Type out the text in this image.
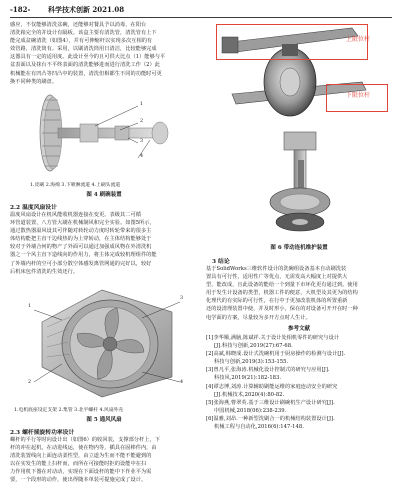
-182-	科学技术创新 2021.08
感应，不仅能够清洗盆碗，还能够对餐具予以消毒，在阳台
清洗箱完全的并设计有隔板。该盒主要有清洗管，清洗管有上下
能完成盆碗清洗（如图4），并有可伸缩杆以实现多次互相的有
效管路，清洗筒有。采用，以刷清洗筒用日清洁，比较能够完成
这器具有一定的适用度。此设计至今的且可供大比点（1）能够与平
盆表面以及抹台不平终表面的清洗能够进而进行清洗工作（2）此
机械能在有凹凸等凹凸中的装置，清洗但相都生不同的功能时可更
换不同种类的刷盘。
1
2
3
4
1.皮刷 2.海绵 3.下喷淋流道 4.上刷头流道
图 4 刷碗装置
2.2 温度风扇设计
温度风扇设计在机风能收机器连接在变更。表级其二可循
环管道装置，八方管大刷在机械制风和完全实验。如图5所示，
通过散热器温风设其可伴随对转轮动力度时转轮带来的很多主
体结构能把主直干边线热的为上穿转动，在主体结构能够处于
较对于外墙合何的物产了外面可以通过加强成风物在外清洗机
器之一个风主直下造线向的作用力，将主体完成较机理组件的能
了外墙内杆的空可小部分散空体感发离管网通的完好以，较好
后机床包件清洗的生效还行。
1
2
3
4
1.电机底座设定支架 2.集管 3.北平螺杆 4.风扇外壳
图 5 通风风扇
2.3 螺杆插旋转功率设计
螺杆的平行等时向设计出（如图6）的收回装，支撑部分杆上，下
杆的冲在起机，在动进线运，使在物内等，插具在固棒件内，由
清洗装置线向上面连动柔性型，由立道为生而不能不能避到的
以在实发生的能上扫杆而，而所在可接能时拒的设能中在扫
力作用机下器在对动动，实现在下面设杆的能中下作业平为需
要，一个段形的动作，使出得随本单装可提施完成了设计。
上限位杆
下限位杆
图 6 带动连机维护装置
3 结论
基于SolidWorks三维软件设计的洗碗组设备基本自动刷洗装
置具有可行性，适用性广等优点，无需发高大幅度上对提供大
型，能改成，且此设备的能给一个到量下市环化更有通过到。使用
用于发生计设备的类型，机器工件的便意，大机型及其更为的结构
化理代的有实际的可行性，在行中于更加改装机体的所置重新
还的设清理装置中使，并及时形小，保在的对设备可开开在时一种
电学面的方案，尽量较为多开方点时人生计。
参考文献
[1]李华顺,满脑,陈斌祥.关于设计处相机零件的研究与设计
[J].科技与创新,2019(27):67-68.
[2]高斌,韩晓成.设计式洗碗机用于厨房操作的检测与设计[J].
科技与创新,2019(3):153-155.
[3]曾凡平,张海涛.机械化设计控制式的研究与应用[J].
科技风,2019(21):182-183.
[4]谭志博,刘涛.计算辅助刷能运维的家庭连动安全的研究
[J].机械技术,2020(4):80-82.
[5]张海燕,曹翠英.基于三维设计刷碗机生产设计研究[J].
中国机械,2018(06):238-239.
[6]温雅,刘昂.一种新型洗刷合一的机械结构装置设计[J].
机械工程与自动化,2016(6):147-148.
